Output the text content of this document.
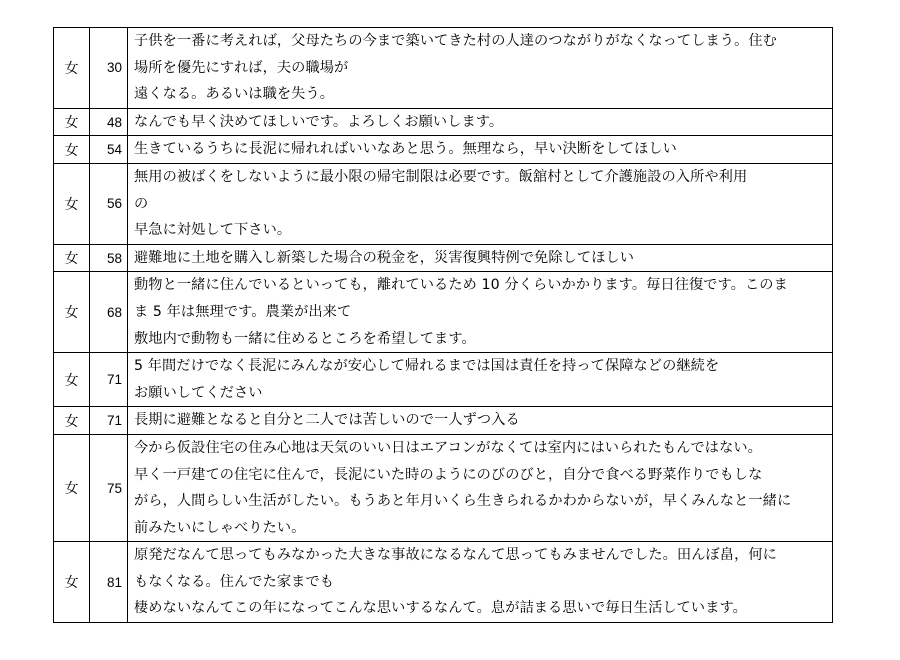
女	30	子供を一番に考えれば，父母たちの今まで築いてきた村の人達のつながりがなくなってしまう。住む
場所を優先にすれば，夫の職場が
遠くなる。あるいは職を失う。

女	48	なんでも早く決めてほしいです。よろしくお願いします。

女	54	生きているうちに長泥に帰れればいいなあと思う。無理なら，早い決断をしてほしい

女	56	無用の被ばくをしないように最小限の帰宅制限は必要です。飯舘村として介護施設の入所や利用
の
早急に対処して下さい。

女	58	避難地に土地を購入し新築した場合の税金を，災害復興特例で免除してほしい

女	68	動物と一緒に住んでいるといっても，離れているため 10 分くらいかかります。毎日往復です。このま
ま 5 年は無理です。農業が出来て
敷地内で動物も一緒に住めるところを希望してます。

女	71	5 年間だけでなく長泥にみんなが安心して帰れるまでは国は責任を持って保障などの継続を
お願いしてください

女	71	長期に避難となると自分と二人では苦しいので一人ずつ入る

女	75	今から仮設住宅の住み心地は天気のいい日はエアコンがなくては室内にはいられたもんではない。
早く一戸建ての住宅に住んで，長泥にいた時のようにのびのびと，自分で食べる野菜作りでもしな
がら，人間らしい生活がしたい。もうあと年月いくら生きられるかわからないが，早くみんなと一緒に
前みたいにしゃべりたい。

女	81	原発だなんて思ってもみなかった大きな事故になるなんて思ってもみませんでした。田んぼ畠，何に
もなくなる。住んでた家までも
棲めないなんてこの年になってこんな思いするなんて。息が詰まる思いで毎日生活しています。
